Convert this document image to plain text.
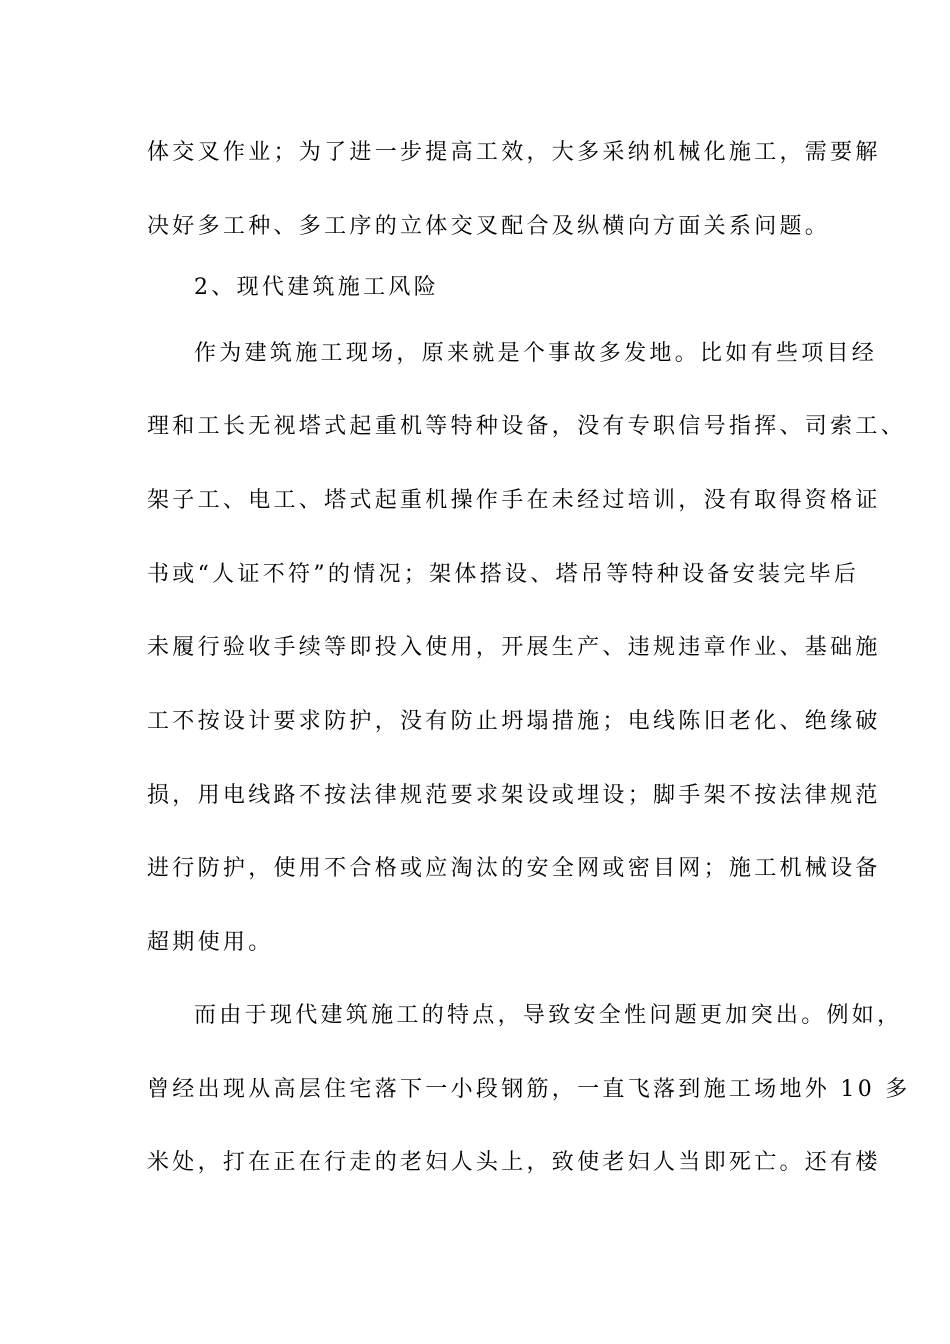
体交叉作业；为了进一步提高工效，大多采纳机械化施工，需要解
决好多工种、多工序的立体交叉配合及纵横向方面关系问题。
2、现代建筑施工风险
作为建筑施工现场，原来就是个事故多发地。比如有些项目经
理和工长无视塔式起重机等特种设备，没有专职信号指挥、司索工、
架子工、电工、塔式起重机操作手在未经过培训，没有取得资格证
书或“人证不符”的情况；架体搭设、塔吊等特种设备安装完毕后
未履行验收手续等即投入使用，开展生产、违规违章作业、基础施
工不按设计要求防护，没有防止坍塌措施；电线陈旧老化、绝缘破
损，用电线路不按法律规范要求架设或埋设；脚手架不按法律规范
进行防护，使用不合格或应淘汰的安全网或密目网；施工机械设备
超期使用。
而由于现代建筑施工的特点，导致安全性问题更加突出。例如，
曾经出现从高层住宅落下一小段钢筋，一直飞落到施工场地外 10 多
米处，打在正在行走的老妇人头上，致使老妇人当即死亡。还有楼
